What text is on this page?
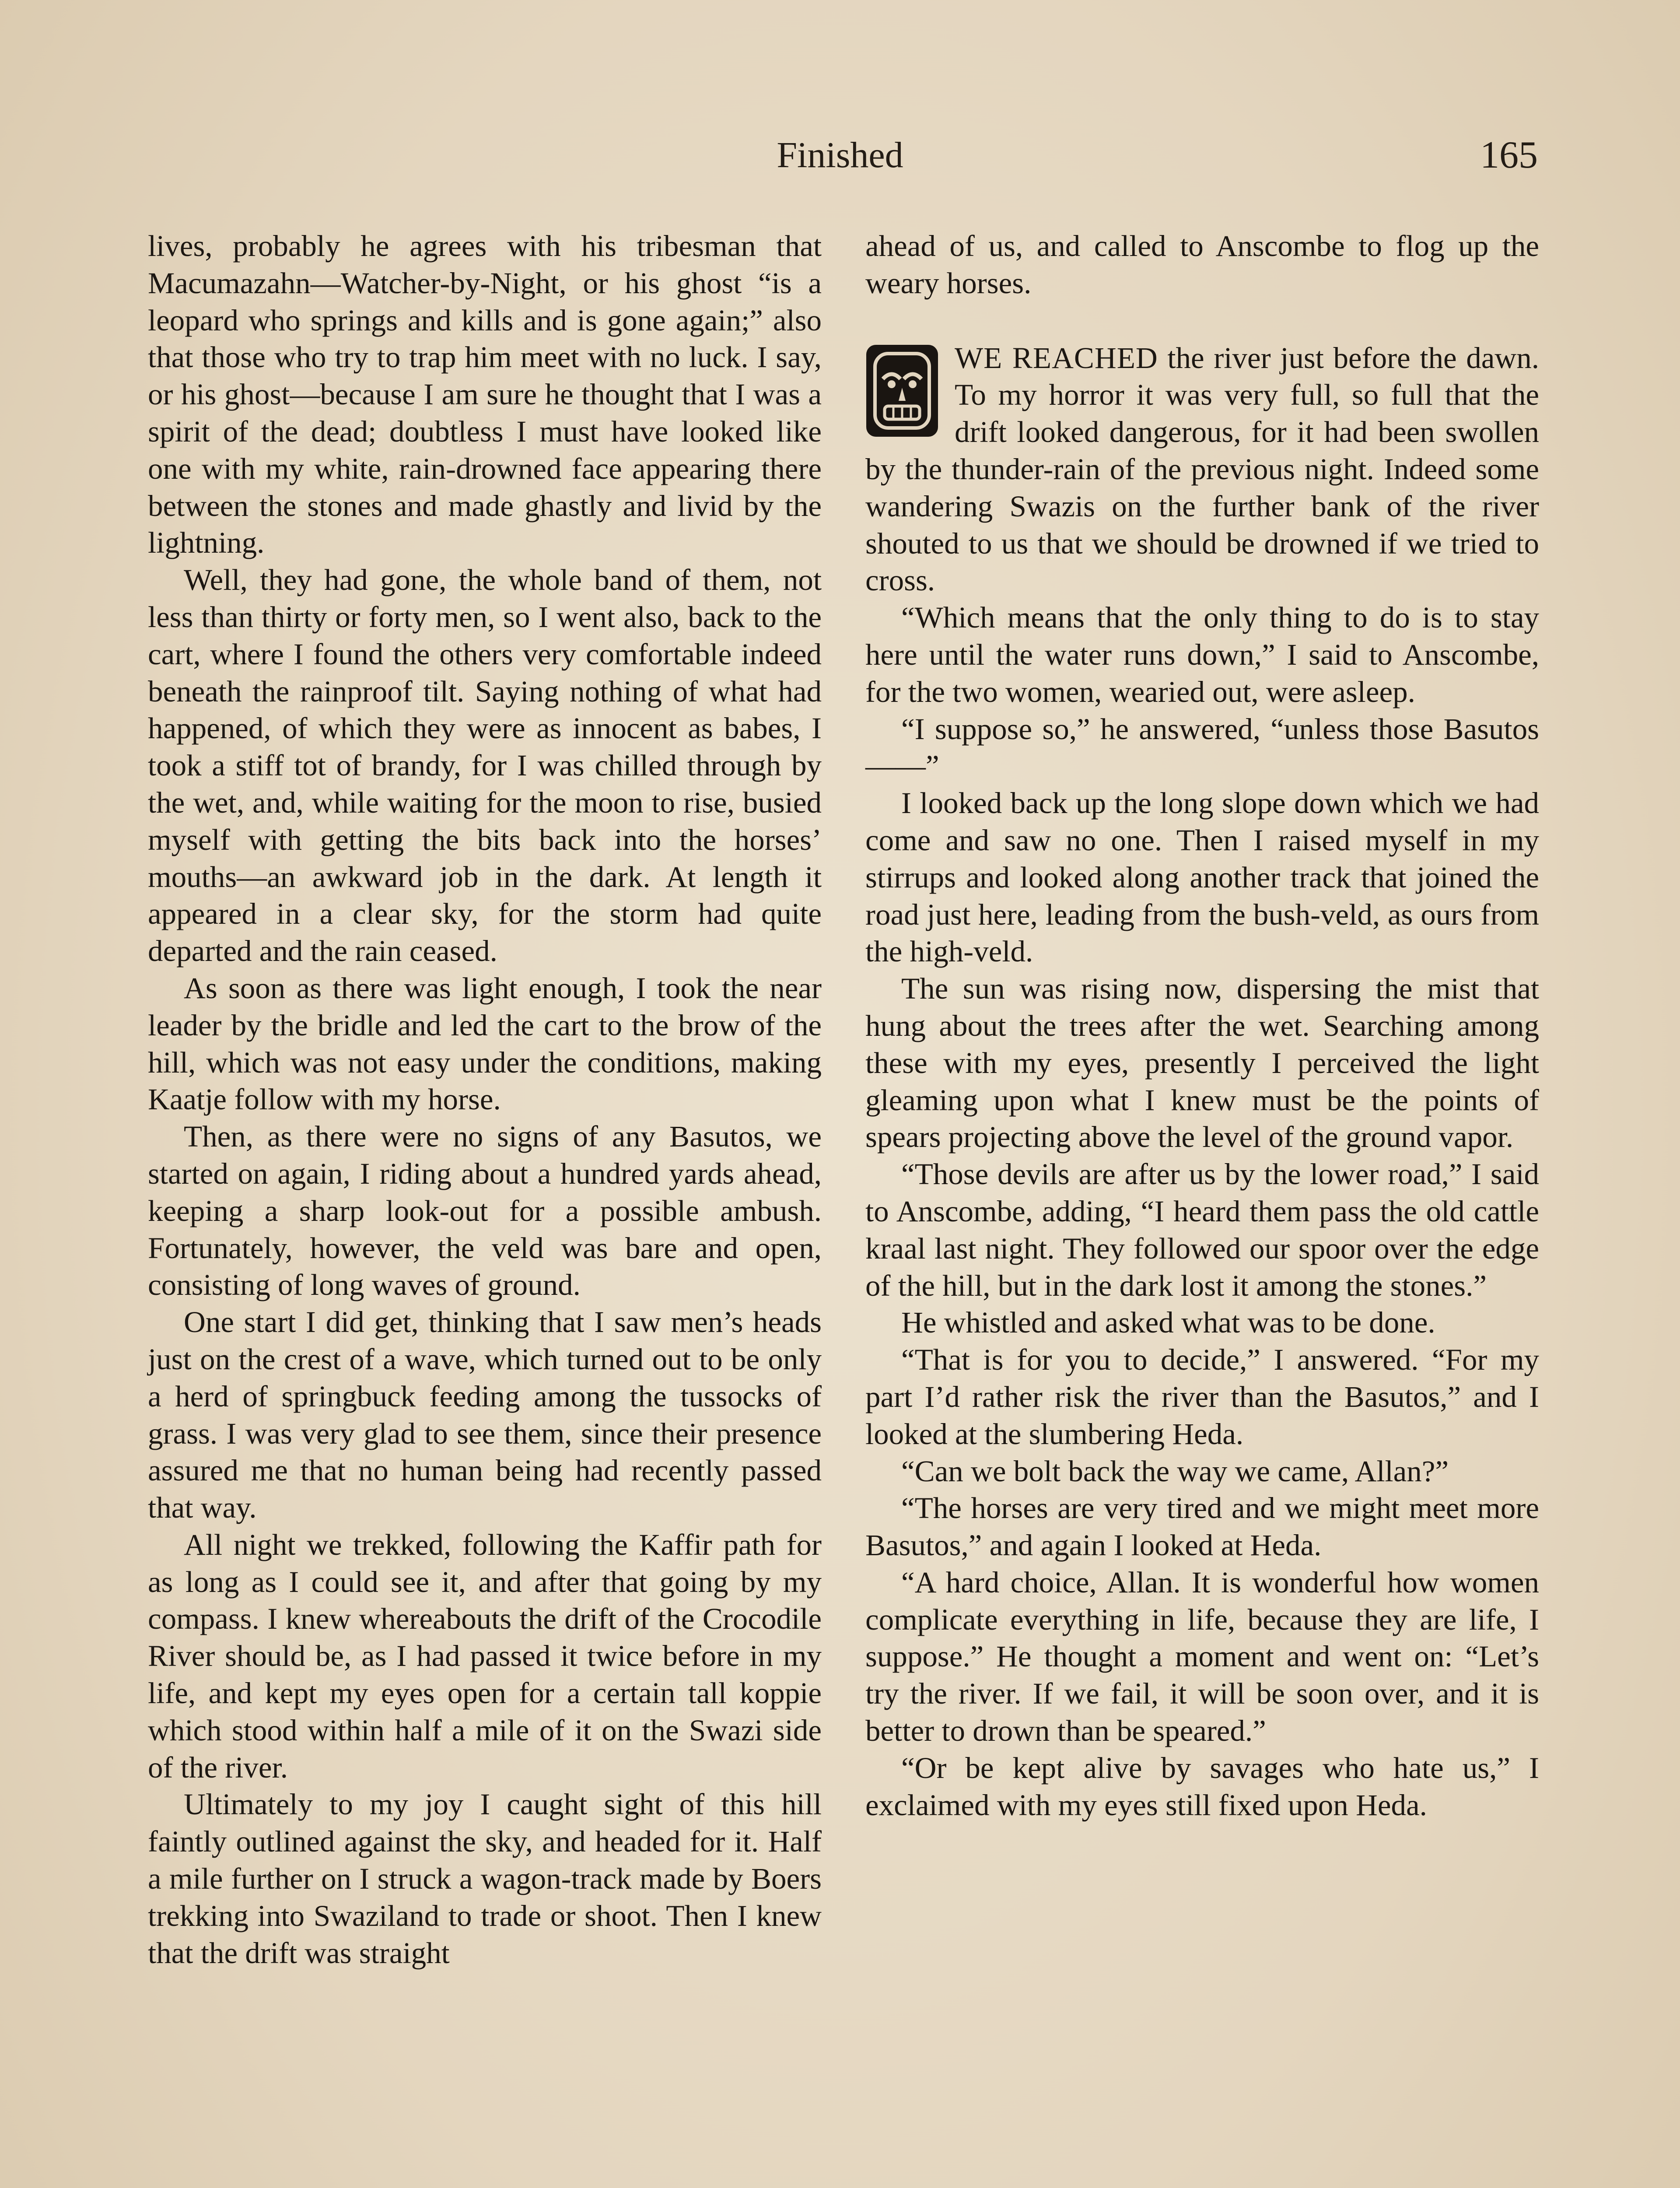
Finished	165

lives, probably he agrees with his tribesman that Macumazahn—Watcher-by-Night, or his ghost “is a leopard who springs and kills and is gone again;” also that those who try to trap him meet with no luck. I say, or his ghost—because I am sure he thought that I was a spirit of the dead; doubtless I must have looked like one with my white, rain-drowned face appearing there between the stones and made ghastly and livid by the lightning.

Well, they had gone, the whole band of them, not less than thirty or forty men, so I went also, back to the cart, where I found the others very comfortable indeed beneath the rainproof tilt. Saying nothing of what had happened, of which they were as innocent as babes, I took a stiff tot of brandy, for I was chilled through by the wet, and, while waiting for the moon to rise, busied myself with getting the bits back into the horses’ mouths—an awkward job in the dark. At length it appeared in a clear sky, for the storm had quite departed and the rain ceased.

As soon as there was light enough, I took the near leader by the bridle and led the cart to the brow of the hill, which was not easy under the conditions, making Kaatje follow with my horse.

Then, as there were no signs of any Basutos, we started on again, I riding about a hundred yards ahead, keeping a sharp look-out for a possible ambush. Fortunately, however, the veld was bare and open, consisting of long waves of ground.

One start I did get, thinking that I saw men’s heads just on the crest of a wave, which turned out to be only a herd of springbuck feeding among the tussocks of grass. I was very glad to see them, since their presence assured me that no human being had recently passed that way.

All night we trekked, following the Kaffir path for as long as I could see it, and after that going by my compass. I knew whereabouts the drift of the Crocodile River should be, as I had passed it twice before in my life, and kept my eyes open for a certain tall koppie which stood within half a mile of it on the Swazi side of the river.

Ultimately to my joy I caught sight of this hill faintly outlined against the sky, and headed for it. Half a mile further on I struck a wagon-track made by Boers trekking into Swaziland to trade or shoot. Then I knew that the drift was straight

ahead of us, and called to Anscombe to flog up the weary horses.

WE REACHED the river just before the dawn. To my horror it was very full, so full that the drift looked dangerous, for it had been swollen by the thunder-rain of the previous night. Indeed some wandering Swazis on the further bank of the river shouted to us that we should be drowned if we tried to cross.

“Which means that the only thing to do is to stay here until the water runs down,” I said to Anscombe, for the two women, wearied out, were asleep.

“I suppose so,” he answered, “unless those Basutos——”

I looked back up the long slope down which we had come and saw no one. Then I raised myself in my stirrups and looked along another track that joined the road just here, leading from the bush-veld, as ours from the high-veld.

The sun was rising now, dispersing the mist that hung about the trees after the wet. Searching among these with my eyes, presently I perceived the light gleaming upon what I knew must be the points of spears projecting above the level of the ground vapor.

“Those devils are after us by the lower road,” I said to Anscombe, adding, “I heard them pass the old cattle kraal last night. They followed our spoor over the edge of the hill, but in the dark lost it among the stones.”

He whistled and asked what was to be done.

“That is for you to decide,” I answered. “For my part I’d rather risk the river than the Basutos,” and I looked at the slumbering Heda.

“Can we bolt back the way we came, Allan?”

“The horses are very tired and we might meet more Basutos,” and again I looked at Heda.

“A hard choice, Allan. It is wonderful how women complicate everything in life, because they are life, I suppose.” He thought a moment and went on: “Let’s try the river. If we fail, it will be soon over, and it is better to drown than be speared.”

“Or be kept alive by savages who hate us,” I exclaimed with my eyes still fixed upon Heda.
